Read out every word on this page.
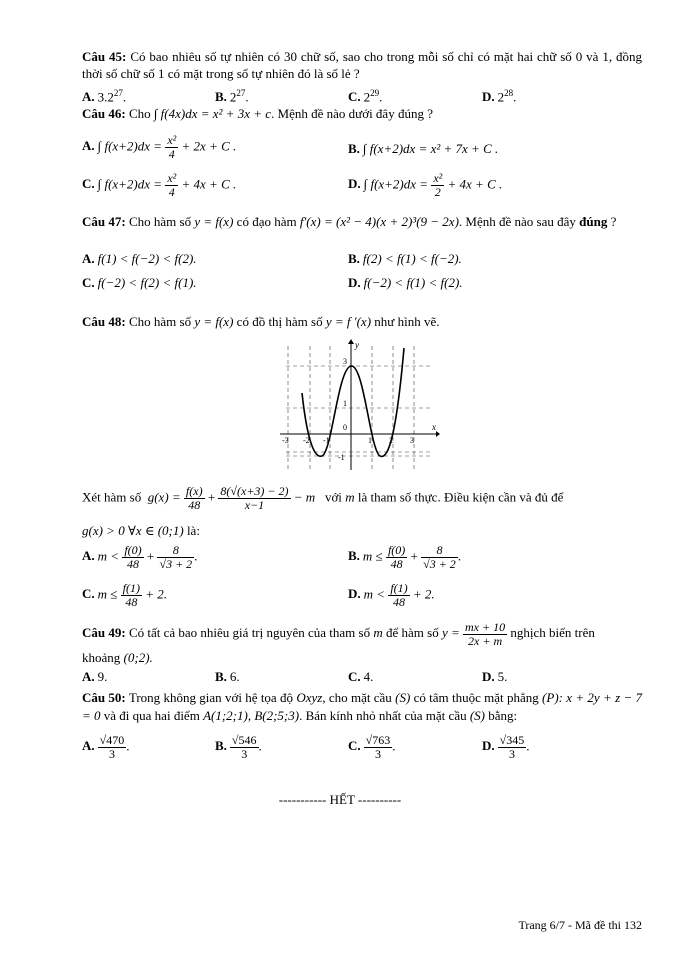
Câu 45: Có bao nhiêu số tự nhiên có 30 chữ số, sao cho trong mỗi số chỉ có mặt hai chữ số 0 và 1, đồng thời số chữ số 1 có mặt trong số tự nhiên đó là số lẻ ?
A. $3.2^{27}$.	B. $2^{27}$.	C. $2^{29}$.	D. $2^{28}$.
Câu 46: Cho ∫ f(4x)dx = x² + 3x + c. Mệnh đề nào dưới đây đúng ?
A. ∫ $f(x+2)dx = \frac{\text{x²}}{4} + 2x + C$ .	B. ∫ f(x+2)dx = x² + 7x + C .
C. ∫ $f(x+2)dx = \frac{\text{x²}}{4} + 4x + C$ .	D. ∫ $f(x+2)dx = \frac{\text{x²}}{2} + 4x + C$ .
Câu 47: Cho hàm số y = f(x) có đạo hàm f′(x) = (x² − 4)(x + 2)³(9 − 2x). Mệnh đề nào sau đây đúng ?
A. f(1) < f(−2) < f(2).	B. f(2) < f(1) < f(−2).
C. f(−2) < f(2) < f(1).	D. f(−2) < f(1) < f(2).
Câu 48: Cho hàm số y = f(x) có đồ thị hàm số y = f ′(x) như hình vẽ.
y
x
0
-3 -2 -1	1 2 3
3
1
-1
Xét hàm số $g(x) = \frac{f(x)}{48} + \frac{8(√(x+3) - 2)}{x-1} - m$ với m là tham số thực. Điều kiện cần và đủ để
g(x) > 0 ∀x ∈ (0;1) là:
A. $m < \frac{f(0)}{48} + \frac{8}{√3 + 2}$ .	B. $m \le \frac{f(0)}{48} + \frac{8}{√3 + 2}$ .
C. $m \le \frac{f(1)}{48} + 2$.	D. $m < \frac{f(1)}{48} + 2$.
Câu 49: Có tất cả bao nhiêu giá trị nguyên của tham số m để hàm số $y = \frac{mx + 10}{2x + m}$ nghịch biến trên
khoảng (0;2).
A. 9.	B. 6.	C. 4.	D. 5.
Câu 50: Trong không gian với hệ tọa độ Oxyz, cho mặt cầu (S) có tâm thuộc mặt phẳng (P): x + 2y + z − 7 = 0 và đi qua hai điểm A(1;2;1), B(2;5;3). Bán kính nhỏ nhất của mặt cầu (S) bằng:
A. $\frac{√470}{3}$ .	B. $\frac{√546}{3}$ .	C. $\frac{√763}{3}$ .	D. $\frac{√345}{3}$ .
----------- HẾT ----------
Trang 6/7 - Mã đề thi 132
